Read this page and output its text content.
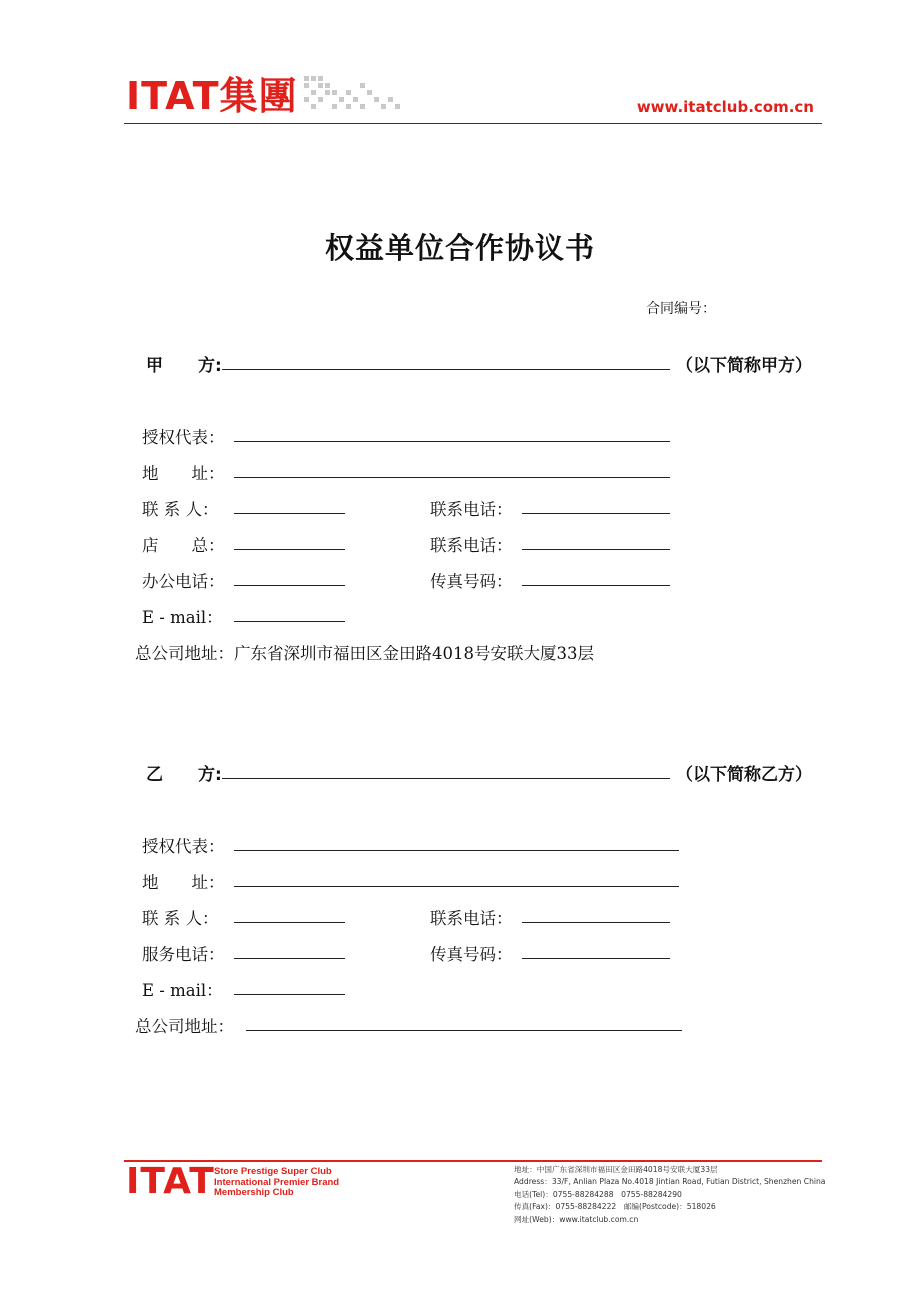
ITAT集團	www.itatclub.com.cn
权益单位合作协议书
合同编号：
甲 方:	（以下简称甲方）
授权代表：
地　　址：
联 系 人：	联系电话：
店　　总：	联系电话：
办公电话：	传真号码：
E - mail：
总公司地址：广东省深圳市福田区金田路4018号安联大厦33层
乙 方:	（以下简称乙方）
授权代表：
地　　址：
联 系 人：	联系电话：
服务电话：	传真号码：
E - mail：
总公司地址：
ITAT Store Prestige Super Club
International Premier Brand
Membership Club
地址：中国广东省深圳市福田区金田路4018号安联大厦33层
Address：33/F, Anlian Plaza No.4018 Jintian Road, Futian District, Shenzhen China
电话(Tel)：0755-88284288　0755-88284290
传真(Fax)：0755-88284222　邮编(Postcode)：518026
网址(Web)：www.itatclub.com.cn
